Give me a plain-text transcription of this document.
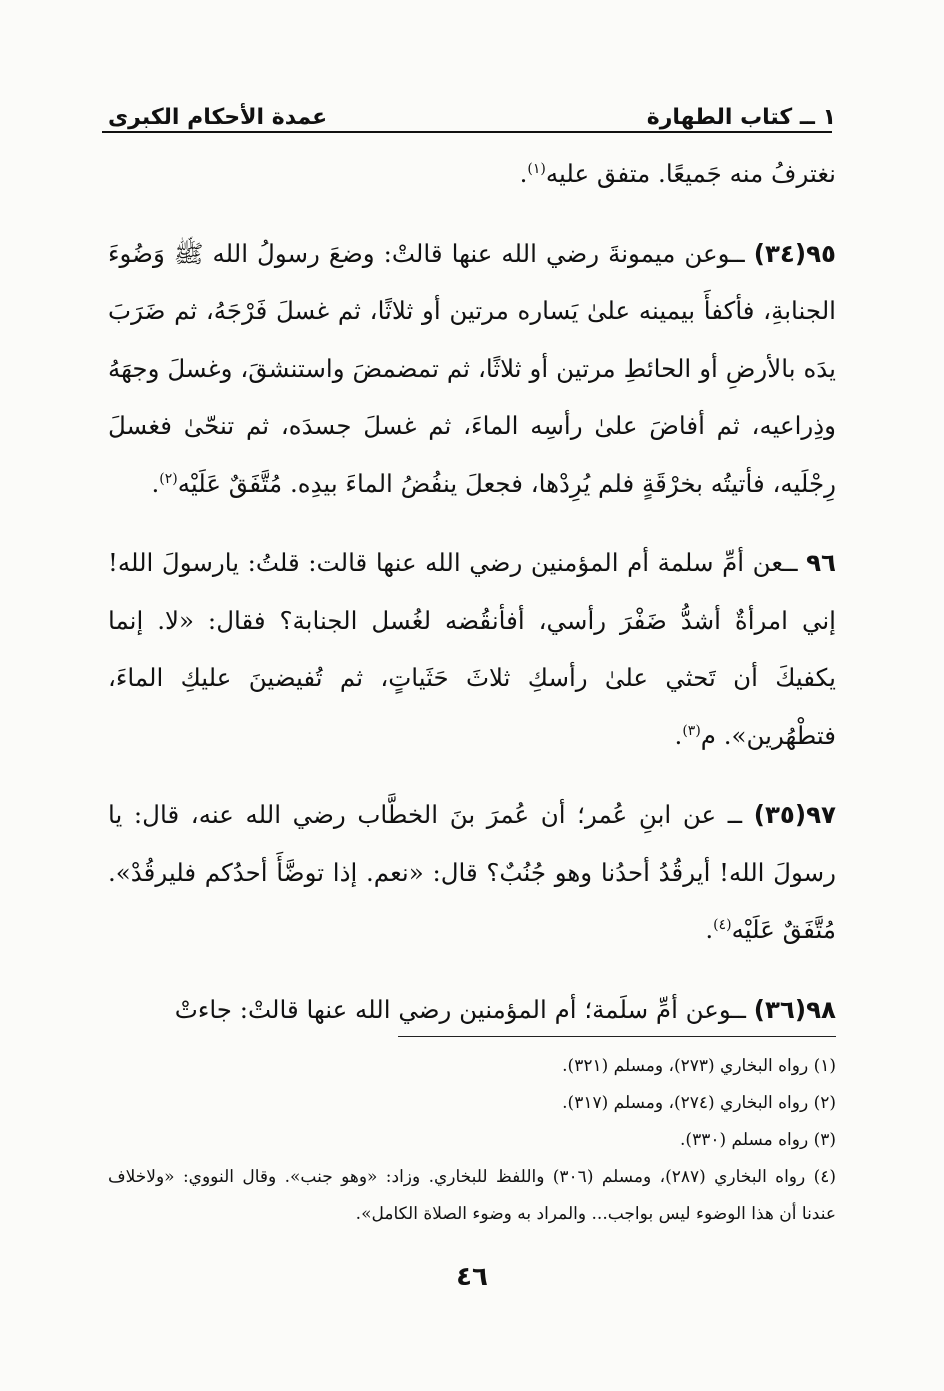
١ ــ كتاب الطهارة
عمدة الأحكام الكبرى

نغترفُ منه جَميعًا. متفق عليه$^{(١)}$.

٩٥(٣٤) ــوعن ميمونةَ رضي الله عنها قالتْ: وضعَ رسولُ الله ﷺ وَضُوءَ الجنابةِ، فأكفأَ بيمينه علىٰ يَساره مرتين أو ثلاثًا، ثم غسلَ فَرْجَهُ، ثم ضَرَبَ يدَه بالأرضِ أو الحائطِ مرتين أو ثلاثًا، ثم تمضمضَ واستنشقَ، وغسلَ وجهَهُ وذِراعيه، ثم أفاضَ علىٰ رأسِه الماءَ، ثم غسلَ جسدَه، ثم تنحّىٰ فغسلَ رِجْلَيه، فأتيتُه بخرْقَةٍ فلم يُرِدْها، فجعلَ ينفُضُ الماءَ بيدِه. مُتَّفَقٌ عَلَيْه$^{(٢)}$.

٩٦ ــعن أمِّ سلمة أم المؤمنين رضي الله عنها قالت: قلتُ: يارسولَ الله! إني امرأةٌ أشدُّ ضَفْرَ رأسي، أفأنقُضه لغُسل الجنابة؟ فقال: «لا. إنما يكفيكَ أن تَحثي علىٰ رأسكِ ثلاثَ حَثَياتٍ، ثم تُفيضينَ عليكِ الماءَ، فتطْهُرين». م$^{(٣)}$.

٩٧(٣٥) ــ عن ابنِ عُمر؛ أن عُمرَ بنَ الخطَّاب رضي الله عنه، قال: يا رسولَ الله! أيرقُدُ أحدُنا وهو جُنُبٌ؟ قال: «نعم. إذا توضَّأَ أحدُكم فليرقُدْ». مُتَّفَقٌ عَلَيْه$^{(٤)}$.

٩٨(٣٦) ــوعن أمِّ سلَمة؛ أم المؤمنين رضي الله عنها قالتْ: جاءتْ

(١) رواه البخاري (٢٧٣)، ومسلم (٣٢١).

(٢) رواه البخاري (٢٧٤)، ومسلم (٣١٧).

(٣) رواه مسلم (٣٣٠).

(٤) رواه البخاري (٢٨٧)، ومسلم (٣٠٦) واللفظ للبخاري. وزاد: «وهو جنب». وقال النووي: «ولاخلاف عندنا أن هذا الوضوء ليس بواجب... والمراد به وضوء الصلاة الكامل».

٤٦
